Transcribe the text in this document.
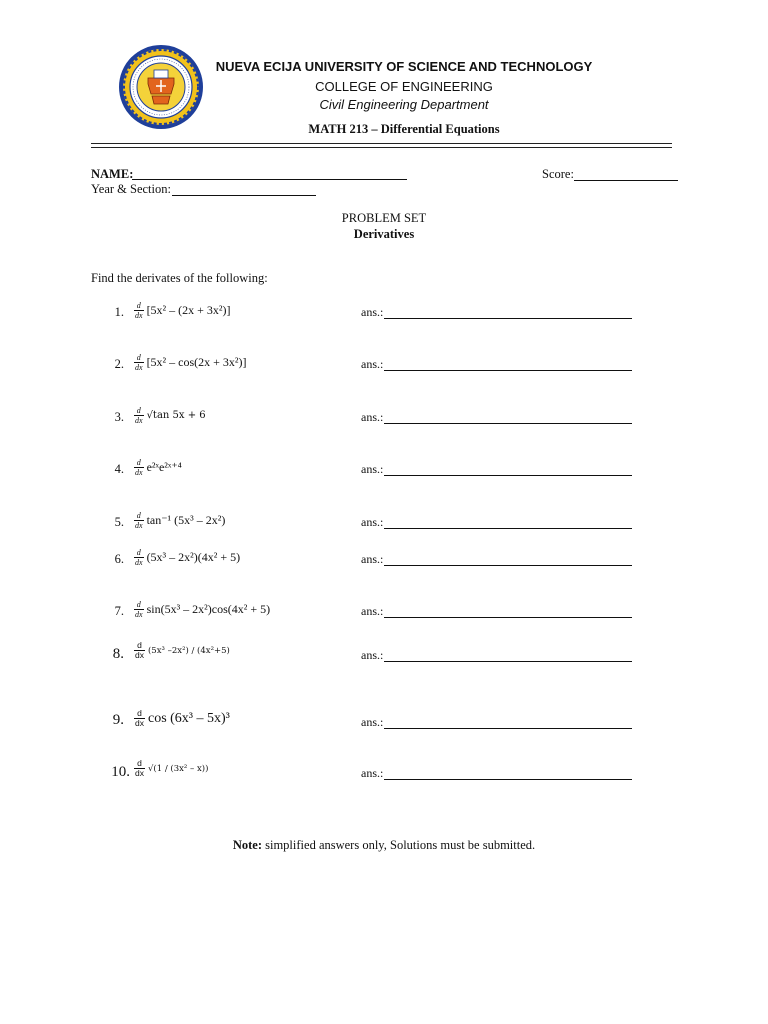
NUEVA ECIJA UNIVERSITY OF SCIENCE AND TECHNOLOGY
COLLEGE OF ENGINEERING
Civil Engineering Department
MATH 213 – Differential Equations
NAME:
Year & Section:
Score:
PROBLEM SET
Derivatives
Find the derivates of the following:
1. $\frac{d}{dx} [5x^2 - (2x + 3x^2)]$	ans.:
2. $\frac{d}{dx} [5x^2 - \cos(2x + 3x^2)]$	ans.:
3. $\frac{d}{dx} √\tan$ 5x + 6	ans.:
4. $\frac{d}{dx}$ e²ˣe²ˣ⁺⁴	ans.:
5. $\frac{d}{dx} \tan^{-1}$ (5x³ – 2x²)	ans.:
6. $\frac{d}{dx} (5x^3 - 2x^2)(4x^2 + 5)$	ans.:
7. $\frac{d}{dx} \sin(5x^3 - 2x^2)\cos(4x^2 + 5)$	ans.:
8. $\frac{d}{dx} (5x^3$ –2x²) / (4x²+5)	ans.:
9. $\frac{d}{dx}$ cos (6x³ – 5x)³	ans.:
10. $\frac{d}{dx} √(1 / (3x^2 - x))$	ans.:
Note: simplified answers only, Solutions must be submitted.
